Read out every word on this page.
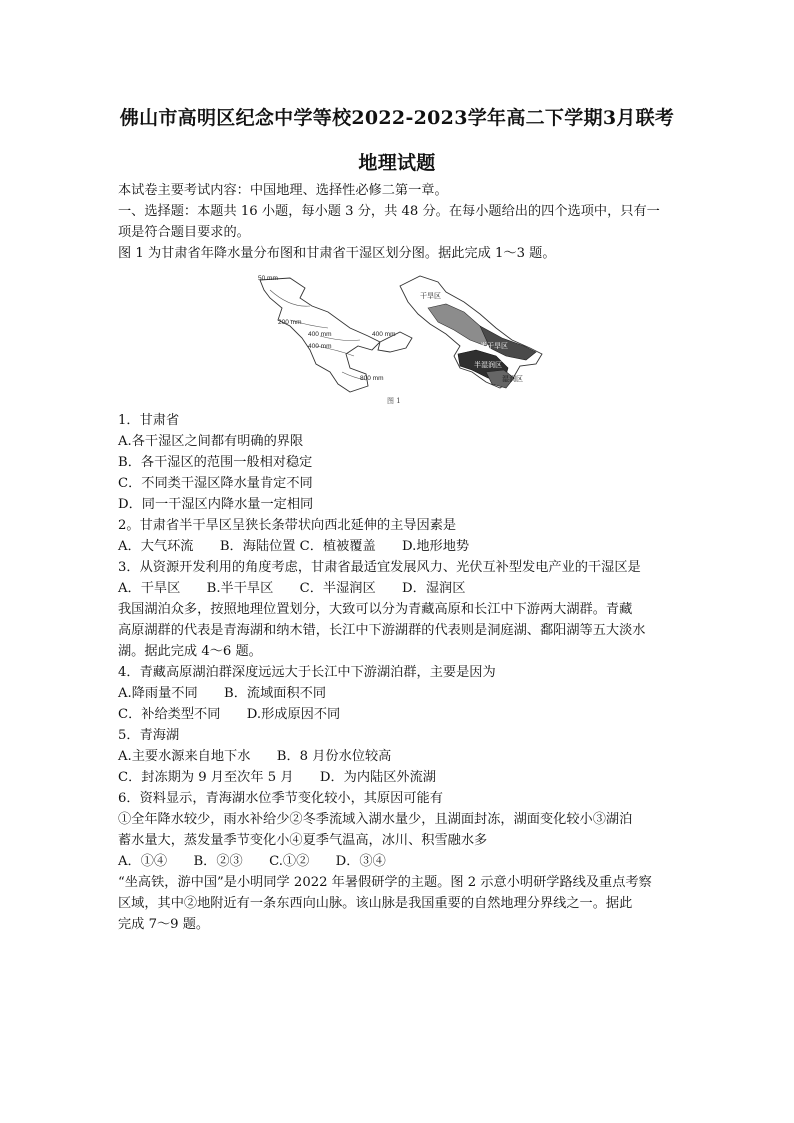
佛山市高明区纪念中学等校2022-2023学年高二下学期3月联考
地理试题
本试卷主要考试内容：中国地理、选择性必修二第一章。
一、选择题：本题共 16 小题，每小题 3 分，共 48 分。在每小题给出的四个选项中，只有一
项是符合题目要求的。
图 1 为甘肃省年降水量分布图和甘肃省干湿区划分图。据此完成 1～3 题。
50 mm
200 mm
400 mm	400 mm
400 mm
800 mm
干旱区
半干旱区
半湿润区
湿润区
图 1
1．甘肃省
A.各干湿区之间都有明确的界限
B．各干湿区的范围一般相对稳定
C．不同类干湿区降水量肯定不同
D．同一干湿区内降水量一定相同
2。甘肃省半干旱区呈狭长条带状向西北延伸的主导因素是
A．大气环流　　B．海陆位置 C．植被覆盖　　D.地形地势
3．从资源开发利用的角度考虑，甘肃省最适宜发展风力、光伏互补型发电产业的干湿区是
A．干旱区　　B.半干旱区　　C．半湿润区　　D．湿润区
我国湖泊众多，按照地理位置划分，大致可以分为青藏高原和长江中下游两大湖群。青藏
高原湖群的代表是青海湖和纳木错，长江中下游湖群的代表则是洞庭湖、鄱阳湖等五大淡水
湖。据此完成 4～6 题。
4．青藏高原湖泊群深度远远大于长江中下游湖泊群，主要是因为
A.降雨量不同　　B．流域面积不同
C．补给类型不同　　D.形成原因不同
5．青海湖
A.主要水源来自地下水　　B．8 月份水位较高
C．封冻期为 9 月至次年 5 月　　D．为内陆区外流湖
6．资料显示，青海湖水位季节变化较小，其原因可能有
①全年降水较少，雨水补给少②冬季流域入湖水量少，且湖面封冻，湖面变化较小③湖泊
蓄水量大，蒸发量季节变化小④夏季气温高，冰川、积雪融水多
A．①④　　B．②③　　C.①②　　D．③④
“坐高铁，游中国”是小明同学 2022 年暑假研学的主题。图 2 示意小明研学路线及重点考察
区域，其中②地附近有一条东西向山脉。该山脉是我国重要的自然地理分界线之一。据此
完成 7～9 题。
